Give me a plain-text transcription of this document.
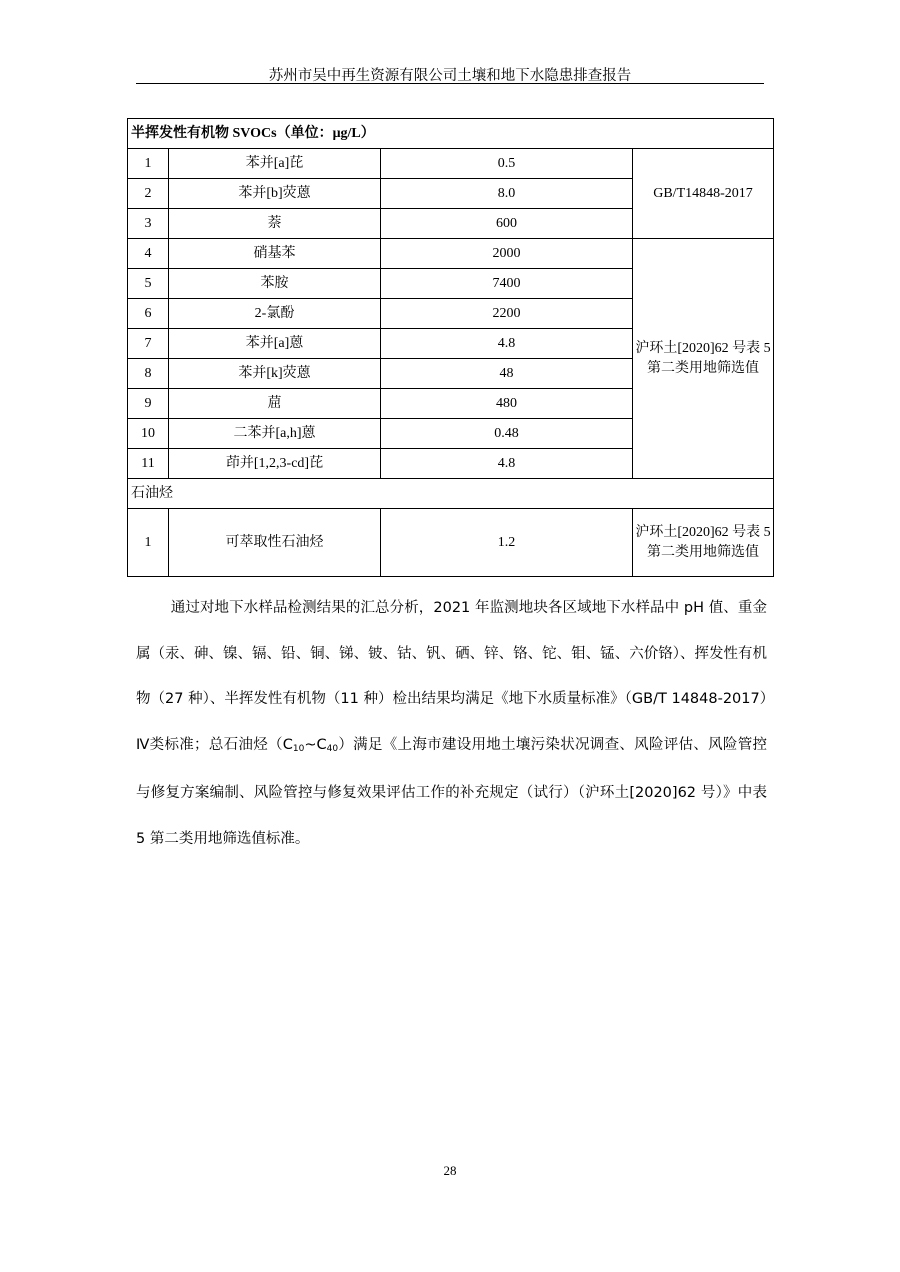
苏州市吴中再生资源有限公司土壤和地下水隐患排查报告
半挥发性有机物 SVOCs（单位：μg/L）			
1	苯并[a]芘	0.5	GB/T14848-2017
2	苯并[b]荧蒽	8.0	
3	萘	600	
4	硝基苯	2000	沪环土[2020]62 号表 5 第二类用地筛选值
5	苯胺	7400	
6	2-氯酚	2200	
7	苯并[a]蒽	4.8	
8	苯并[k]荧蒽	48	
9	䓛	480	
10	二苯并[a,h]蒽	0.48	
11	茚并[1,2,3-cd]芘	4.8	
石油烃			
1	可萃取性石油烃	1.2	沪环土[2020]62 号表 5 第二类用地筛选值
通过对地下水样品检测结果的汇总分析，2021 年监测地块各区域地下水样品中 pH 值、重金属（汞、砷、镍、镉、铅、铜、锑、铍、钴、钒、硒、锌、铬、铊、钼、锰、六价铬）、挥发性有机物（27 种）、半挥发性有机物（11 种）检出结果均满足《地下水质量标准》（GB/T 14848-2017）Ⅳ类标准；总石油烃$(C_{10}\sim C_{40})$满足《上海市建设用地土壤污染状况调查、风险评估、风险管控与修复方案编制、风险管控与修复效果评估工作的补充规定（试行）（沪环土[2020]62 号）》中表 5 第二类用地筛选值标准。
28
